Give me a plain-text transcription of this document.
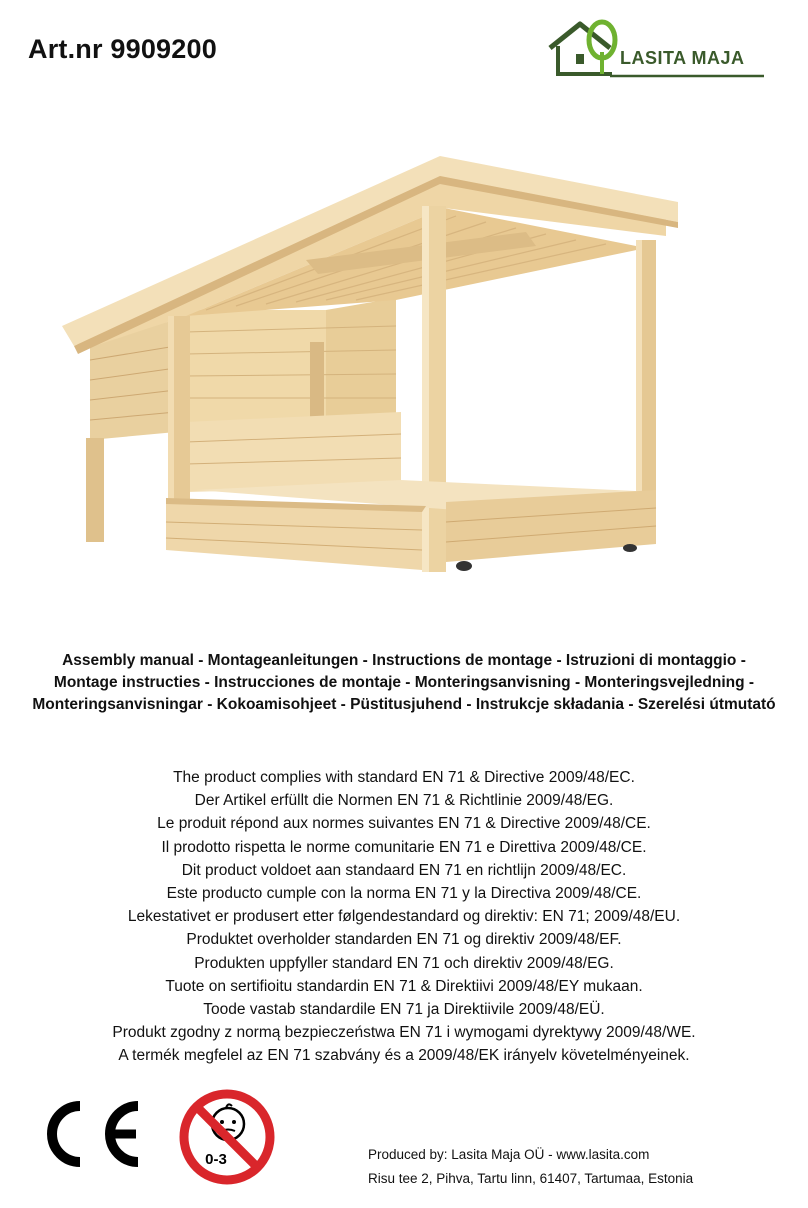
Art.nr 9909200	LASITA MAJA
Assembly manual - Montageanleitungen - Instructions de montage - Istruzioni di montaggio -
Montage instructies - Instrucciones de montaje - Monteringsanvisning - Monteringsvejledning -
Monteringsanvisningar - Kokoamisohjeet - Püstitusjuhend - Instrukcje składania - Szerelési útmutató
The product complies with standard EN 71 & Directive 2009/48/EC.
Der Artikel erfüllt die Normen EN 71 & Richtlinie 2009/48/EG.
Le produit répond aux normes suivantes EN 71 & Directive 2009/48/CE.
Il prodotto rispetta le norme comunitarie EN 71 e Direttiva 2009/48/CE.
Dit product voldoet aan standaard EN 71 en richtlijn 2009/48/EC.
Este producto cumple con la norma EN 71 y la Directiva 2009/48/CE.
Lekestativet er produsert etter følgendestandard og direktiv: EN 71; 2009/48/EU.
Produktet overholder standarden EN 71 og direktiv 2009/48/EF.
Produkten uppfyller standard EN 71 och direktiv 2009/48/EG.
Tuote on sertifioitu standardin EN 71 & Direktiivi 2009/48/EY mukaan.
Toode vastab standardile EN 71 ja Direktiivile 2009/48/EÜ.
Produkt zgodny z normą bezpieczeństwa EN 71 i wymogami dyrektywy 2009/48/WE.
A termék megfelel az EN 71 szabvány és a 2009/48/EK irányelv követelményeinek.
0-3	Produced by: Lasita Maja OÜ - www.lasita.com
Risu tee 2, Pihva, Tartu linn, 61407, Tartumaa, Estonia
